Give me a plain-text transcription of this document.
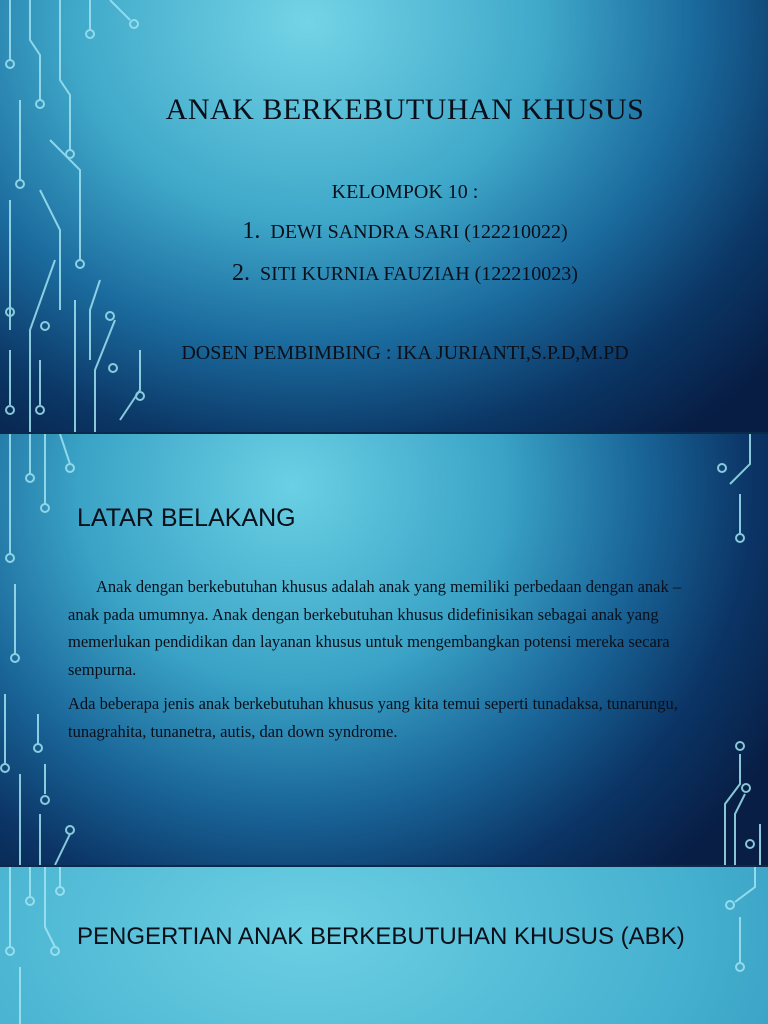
ANAK BERKEBUTUHAN KHUSUS
KELOMPOK 10 :
1. DEWI SANDRA SARI (122210022)
2. SITI KURNIA FAUZIAH (122210023)
DOSEN PEMBIMBING : IKA JURIANTI,S.P.D,M.PD
LATAR BELAKANG
Anak dengan berkebutuhan khusus adalah anak yang memiliki perbedaan dengan anak – anak pada umumnya. Anak dengan berkebutuhan khusus didefinisikan sebagai anak yang memerlukan pendidikan dan layanan khusus untuk mengembangkan potensi mereka secara sempurna.
Ada beberapa jenis anak berkebutuhan khusus yang kita temui seperti tunadaksa, tunarungu, tunagrahita, tunanetra, autis, dan down syndrome.
PENGERTIAN ANAK BERKEBUTUHAN KHUSUS (ABK)
